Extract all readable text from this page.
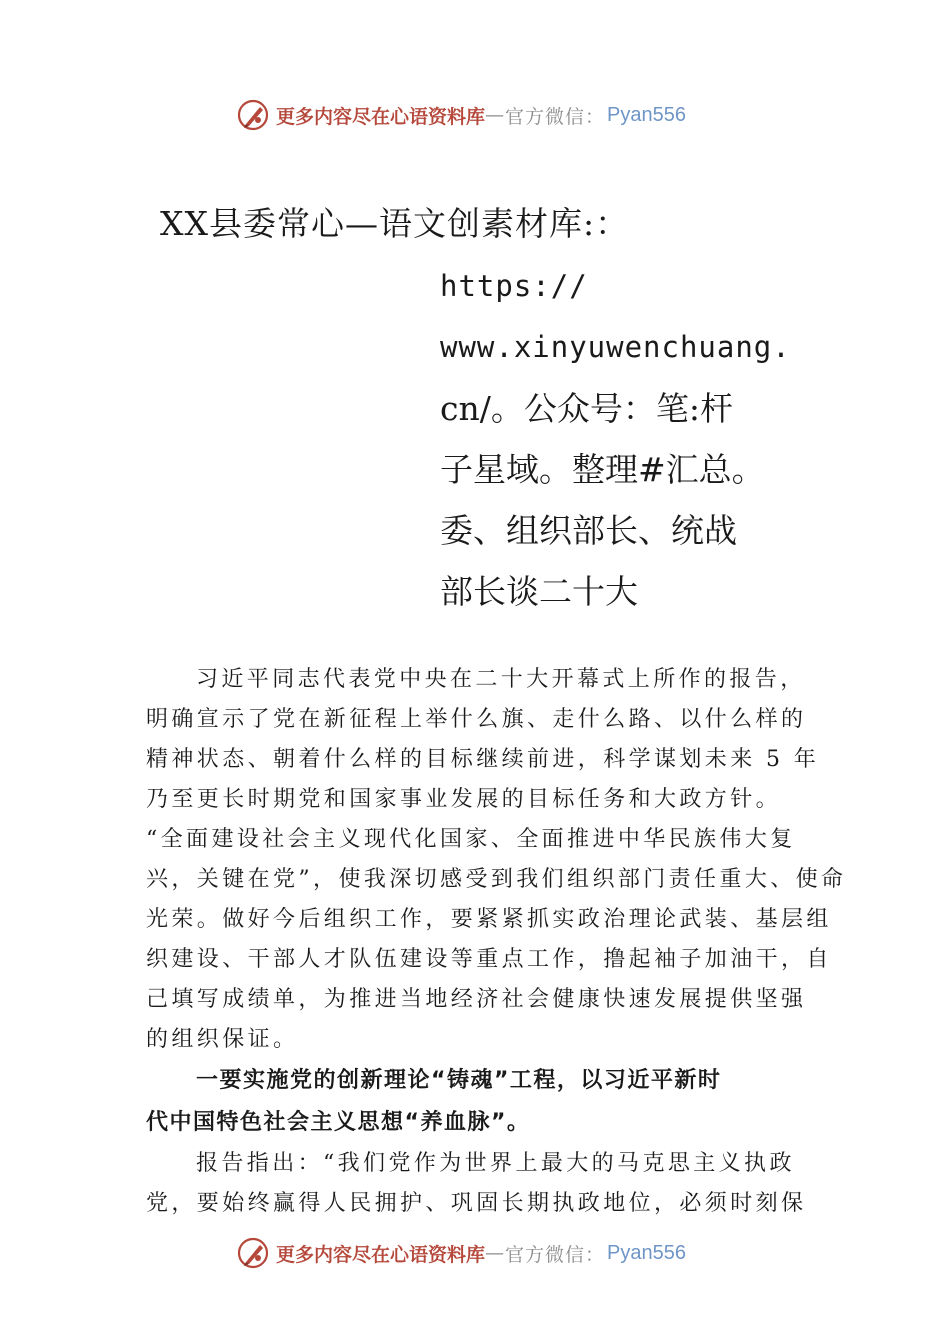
更多内容尽在心语资料库 — 官方微信： Pyan556
XX县委常心—语文创素材库:：
https://
www.xinyuwenchuang.
cn/。公众号：笔:杆
子星域。整理#汇总。
委、组织部长、统战
部长谈二十大
习近平同志代表党中央在二十大开幕式上所作的报告，
明确宣示了党在新征程上举什么旗、走什么路、以什么样的
精神状态、朝着什么样的目标继续前进，科学谋划未来 5 年
乃至更长时期党和国家事业发展的目标任务和大政方针。
“全面建设社会主义现代化国家、全面推进中华民族伟大复
兴，关键在党”，使我深切感受到我们组织部门责任重大、使命
光荣。做好今后组织工作，要紧紧抓实政治理论武装、基层组
织建设、干部人才队伍建设等重点工作，撸起袖子加油干，自
己填写成绩单，为推进当地经济社会健康快速发展提供坚强
的组织保证。
一要实施党的创新理论“铸魂”工程，以习近平新时
代中国特色社会主义思想“养血脉”。
报告指出：“我们党作为世界上最大的马克思主义执政
党，要始终赢得人民拥护、巩固长期执政地位，必须时刻保
更多内容尽在心语资料库 — 官方微信： Pyan556
